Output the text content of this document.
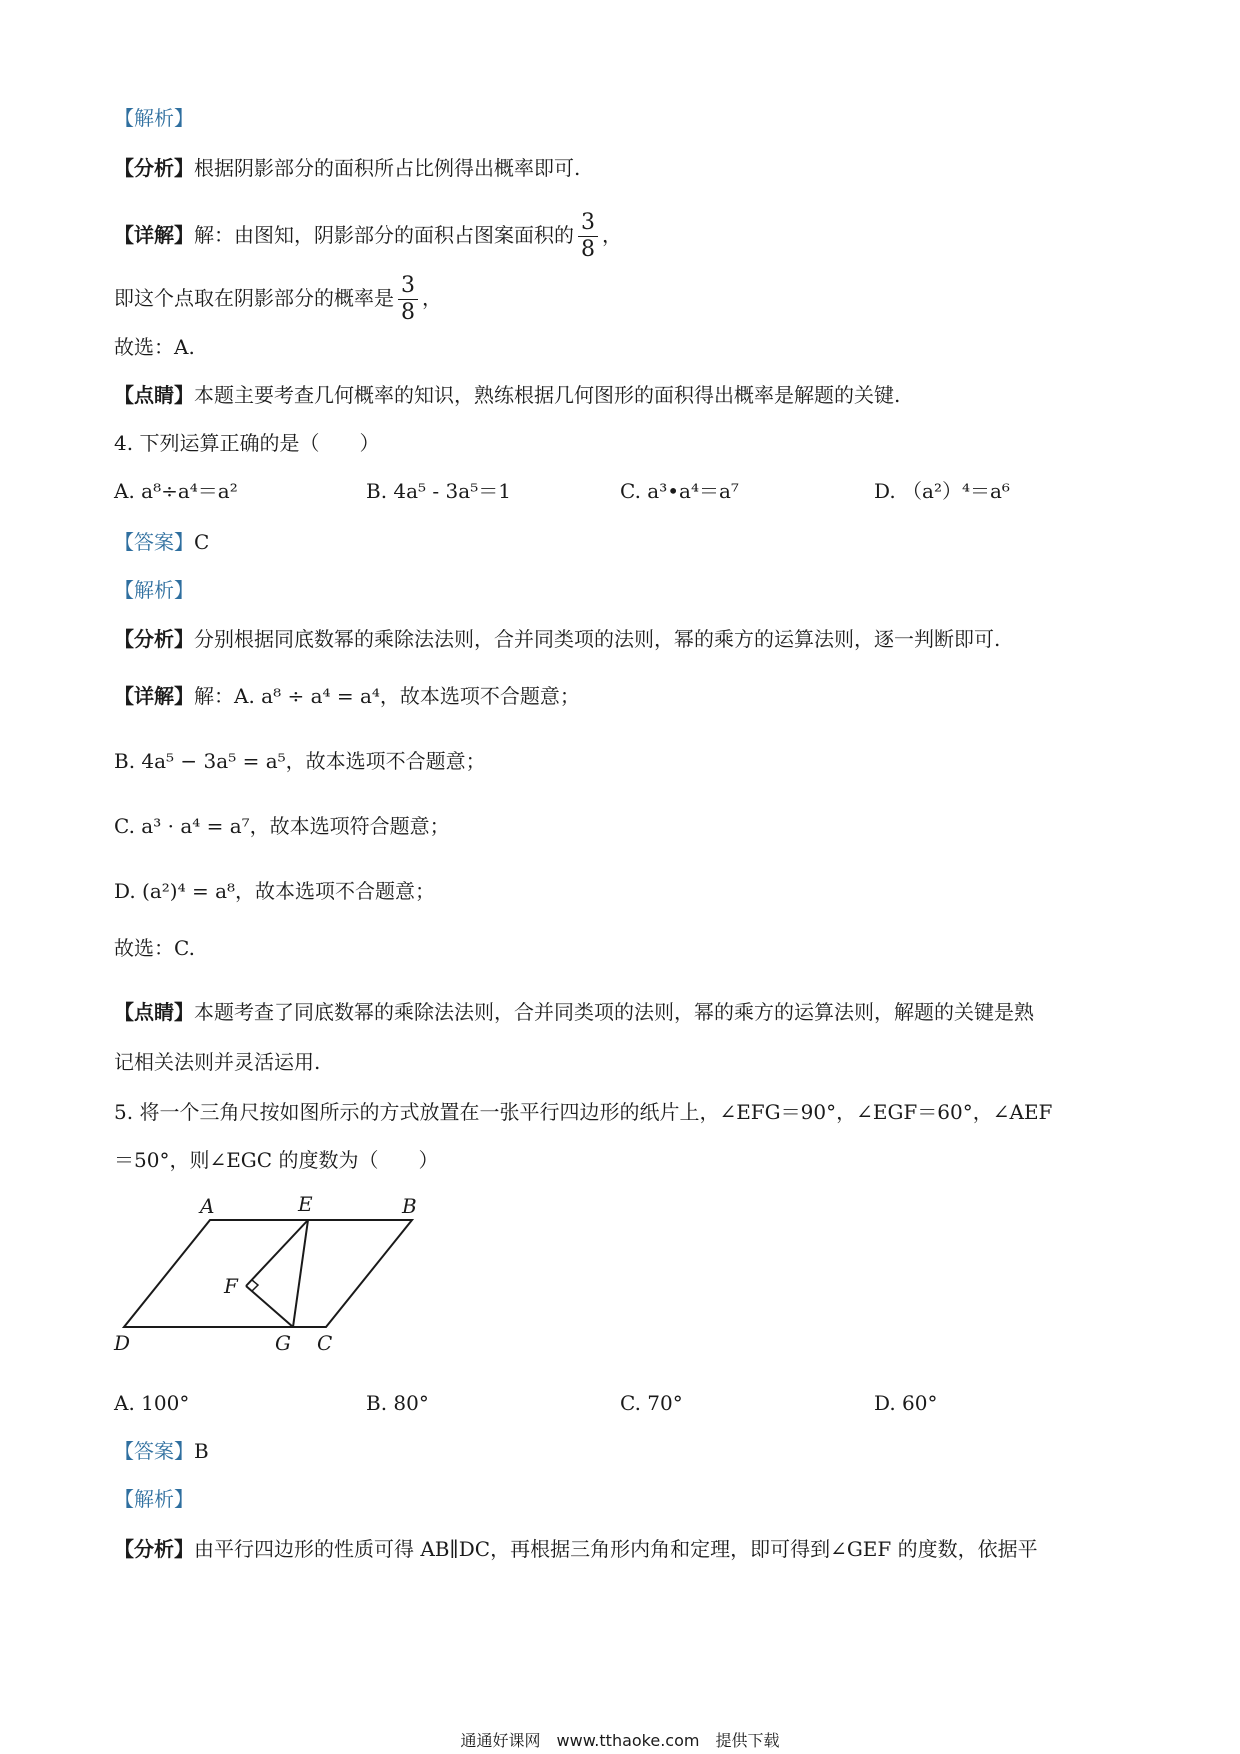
【解析】
【分析】根据阴影部分的面积所占比例得出概率即可.
【详解】解：由图知，阴影部分的面积占图案面积的 $\frac{3}{8}$ ，
即这个点取在阴影部分的概率是 $\frac{3}{8}$ ，
故选：A.
【点睛】本题主要考查几何概率的知识，熟练根据几何图形的面积得出概率是解题的关键.
4. 下列运算正确的是（　　）
A. a⁸÷a⁴＝a²	B. 4a⁵ - 3a⁵＝1	C. a³•a⁴＝a⁷	D. （a²）⁴＝a⁶
【答案】C
【解析】
【分析】分别根据同底数幂的乘除法法则，合并同类项的法则，幂的乘方的运算法则，逐一判断即可.
【详解】解：A. a⁸ ÷ a⁴ = a⁴，故本选项不合题意；
B. 4a⁵ − 3a⁵ = a⁵，故本选项不合题意；
C. a³ · a⁴ = a⁷，故本选项符合题意；
D. (a²)⁴ = a⁸，故本选项不合题意；
故选：C.
【点睛】本题考查了同底数幂的乘除法法则，合并同类项的法则，幂的乘方的运算法则，解题的关键是熟
记相关法则并灵活运用.
5. 将一个三角尺按如图所示的方式放置在一张平行四边形的纸片上，∠EFG＝90°，∠EGF＝60°，∠AEF
＝50°，则∠EGC 的度数为（　　）
A	E	B
F
D	G C
A. 100°	B. 80°	C. 70°	D. 60°
【答案】B
【解析】
【分析】由平行四边形的性质可得 AB∥DC，再根据三角形内角和定理，即可得到∠GEF 的度数，依据平
通通好课网　www.tthaoke.com　提供下载
